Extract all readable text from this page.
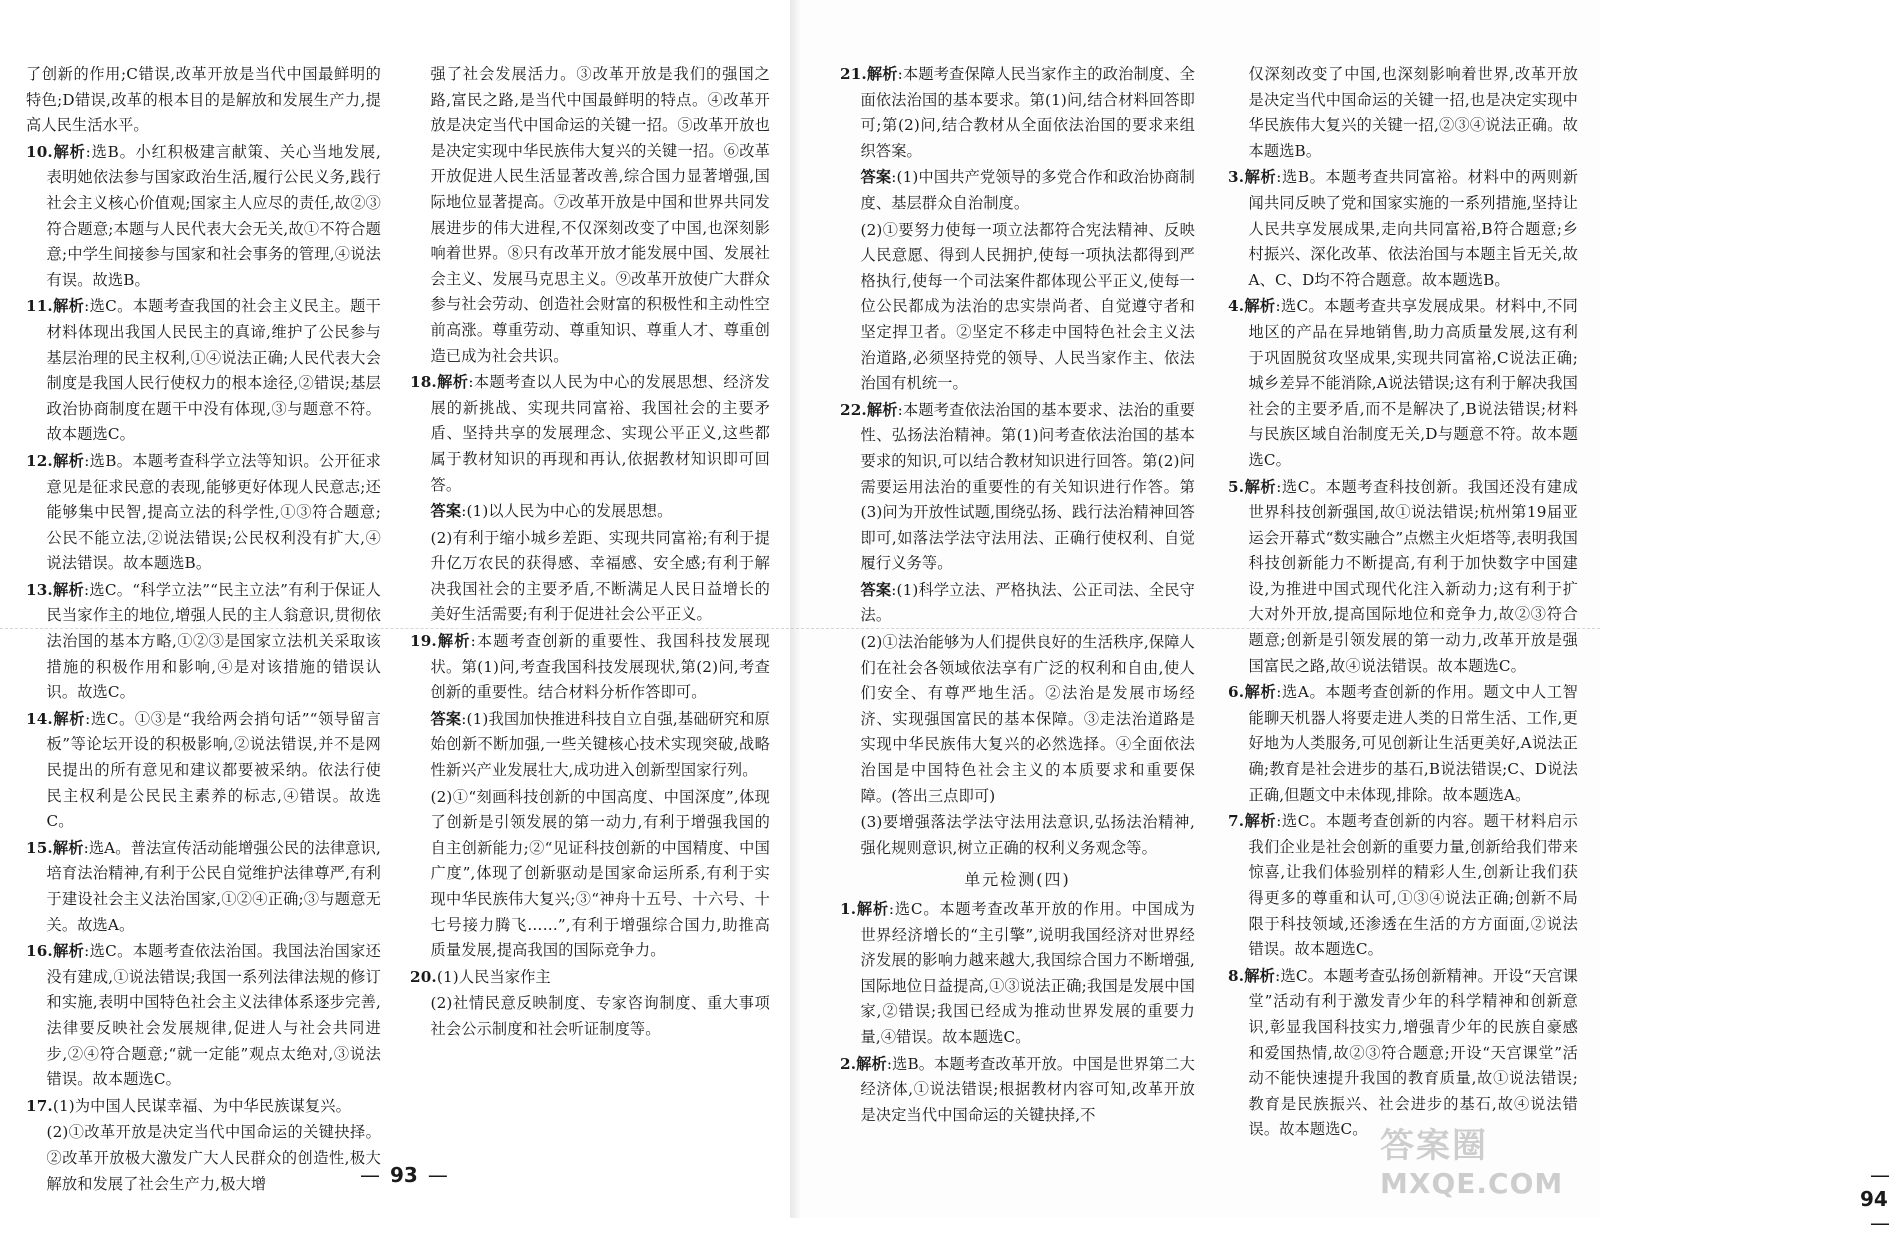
了创新的作用;C错误,改革开放是当代中国最鲜明的特色;D错误,改革的根本目的是解放和发展生产力,提高人民生活水平。

10.解析:选B。小红积极建言献策、关心当地发展,表明她依法参与国家政治生活,履行公民义务,践行社会主义核心价值观;国家主人应尽的责任,故②③符合题意;本题与人民代表大会无关,故①不符合题意;中学生间接参与国家和社会事务的管理,④说法有误。故选B。

11.解析:选C。本题考查我国的社会主义民主。题干材料体现出我国人民民主的真谛,维护了公民参与基层治理的民主权利,①④说法正确;人民代表大会制度是我国人民行使权力的根本途径,②错误;基层政治协商制度在题干中没有体现,③与题意不符。故本题选C。

12.解析:选B。本题考查科学立法等知识。公开征求意见是征求民意的表现,能够更好体现人民意志;还能够集中民智,提高立法的科学性,①③符合题意;公民不能立法,②说法错误;公民权利没有扩大,④说法错误。故本题选B。

13.解析:选C。“科学立法”“民主立法”有利于保证人民当家作主的地位,增强人民的主人翁意识,贯彻依法治国的基本方略,①②③是国家立法机关采取该措施的积极作用和影响,④是对该措施的错误认识。故选C。

14.解析:选C。①③是“我给两会捎句话”“领导留言板”等论坛开设的积极影响,②说法错误,并不是网民提出的所有意见和建议都要被采纳。依法行使民主权利是公民民主素养的标志,④错误。故选C。

15.解析:选A。普法宣传活动能增强公民的法律意识,培育法治精神,有利于公民自觉维护法律尊严,有利于建设社会主义法治国家,①②④正确;③与题意无关。故选A。

16.解析:选C。本题考查依法治国。我国法治国家还没有建成,①说法错误;我国一系列法律法规的修订和实施,表明中国特色社会主义法律体系逐步完善,法律要反映社会发展规律,促进人与社会共同进步,②④符合题意;“就一定能”观点太绝对,③说法错误。故本题选C。

17.(1)为中国人民谋幸福、为中华民族谋复兴。

(2)①改革开放是决定当代中国命运的关键抉择。②改革开放极大激发广大人民群众的创造性,极大解放和发展了社会生产力,极大增

强了社会发展活力。③改革开放是我们的强国之路,富民之路,是当代中国最鲜明的特点。④改革开放是决定当代中国命运的关键一招。⑤改革开放也是决定实现中华民族伟大复兴的关键一招。⑥改革开放促进人民生活显著改善,综合国力显著增强,国际地位显著提高。⑦改革开放是中国和世界共同发展进步的伟大进程,不仅深刻改变了中国,也深刻影响着世界。⑧只有改革开放才能发展中国、发展社会主义、发展马克思主义。⑨改革开放使广大群众参与社会劳动、创造社会财富的积极性和主动性空前高涨。尊重劳动、尊重知识、尊重人才、尊重创造已成为社会共识。

18.解析:本题考查以人民为中心的发展思想、经济发展的新挑战、实现共同富裕、我国社会的主要矛盾、坚持共享的发展理念、实现公平正义,这些都属于教材知识的再现和再认,依据教材知识即可回答。

答案:(1)以人民为中心的发展思想。

(2)有利于缩小城乡差距、实现共同富裕;有利于提升亿万农民的获得感、幸福感、安全感;有利于解决我国社会的主要矛盾,不断满足人民日益增长的美好生活需要;有利于促进社会公平正义。

19.解析:本题考查创新的重要性、我国科技发展现状。第(1)问,考查我国科技发展现状,第(2)问,考查创新的重要性。结合材料分析作答即可。

答案:(1)我国加快推进科技自立自强,基础研究和原始创新不断加强,一些关键核心技术实现突破,战略性新兴产业发展壮大,成功进入创新型国家行列。

(2)①“刻画科技创新的中国高度、中国深度”,体现了创新是引领发展的第一动力,有利于增强我国的自主创新能力;②“见证科技创新的中国精度、中国广度”,体现了创新驱动是国家命运所系,有利于实现中华民族伟大复兴;③“神舟十五号、十六号、十七号接力腾飞……”,有利于增强综合国力,助推高质量发展,提高我国的国际竞争力。

20.(1)人民当家作主

(2)社情民意反映制度、专家咨询制度、重大事项社会公示制度和社会听证制度等。

— 93 —

21.解析:本题考查保障人民当家作主的政治制度、全面依法治国的基本要求。第(1)问,结合材料回答即可;第(2)问,结合教材从全面依法治国的要求来组织答案。

答案:(1)中国共产党领导的多党合作和政治协商制度、基层群众自治制度。

(2)①要努力使每一项立法都符合宪法精神、反映人民意愿、得到人民拥护,使每一项执法都得到严格执行,使每一个司法案件都体现公平正义,使每一位公民都成为法治的忠实崇尚者、自觉遵守者和坚定捍卫者。②坚定不移走中国特色社会主义法治道路,必须坚持党的领导、人民当家作主、依法治国有机统一。

22.解析:本题考查依法治国的基本要求、法治的重要性、弘扬法治精神。第(1)问考查依法治国的基本要求的知识,可以结合教材知识进行回答。第(2)问需要运用法治的重要性的有关知识进行作答。第(3)问为开放性试题,围绕弘扬、践行法治精神回答即可,如落法学法守法用法、正确行使权利、自觉履行义务等。

答案:(1)科学立法、严格执法、公正司法、全民守法。

(2)①法治能够为人们提供良好的生活秩序,保障人们在社会各领域依法享有广泛的权利和自由,使人们安全、有尊严地生活。②法治是发展市场经济、实现强国富民的基本保障。③走法治道路是实现中华民族伟大复兴的必然选择。④全面依法治国是中国特色社会主义的本质要求和重要保障。(答出三点即可)

(3)要增强落法学法守法用法意识,弘扬法治精神,强化规则意识,树立正确的权利义务观念等。

单元检测(四)

1.解析:选C。本题考查改革开放的作用。中国成为世界经济增长的“主引擎”,说明我国经济对世界经济发展的影响力越来越大,我国综合国力不断增强,国际地位日益提高,①③说法正确;我国是发展中国家,②错误;我国已经成为推动世界发展的重要力量,④错误。故本题选C。

2.解析:选B。本题考查改革开放。中国是世界第二大经济体,①说法错误;根据教材内容可知,改革开放是决定当代中国命运的关键抉择,不

仅深刻改变了中国,也深刻影响着世界,改革开放是决定当代中国命运的关键一招,也是决定实现中华民族伟大复兴的关键一招,②③④说法正确。故本题选B。

3.解析:选B。本题考查共同富裕。材料中的两则新闻共同反映了党和国家实施的一系列措施,坚持让人民共享发展成果,走向共同富裕,B符合题意;乡村振兴、深化改革、依法治国与本题主旨无关,故A、C、D均不符合题意。故本题选B。

4.解析:选C。本题考查共享发展成果。材料中,不同地区的产品在异地销售,助力高质量发展,这有利于巩固脱贫攻坚成果,实现共同富裕,C说法正确;城乡差异不能消除,A说法错误;这有利于解决我国社会的主要矛盾,而不是解决了,B说法错误;材料与民族区域自治制度无关,D与题意不符。故本题选C。

5.解析:选C。本题考查科技创新。我国还没有建成世界科技创新强国,故①说法错误;杭州第19届亚运会开幕式“数实融合”点燃主火炬塔等,表明我国科技创新能力不断提高,有利于加快数字中国建设,为推进中国式现代化注入新动力;这有利于扩大对外开放,提高国际地位和竞争力,故②③符合题意;创新是引领发展的第一动力,改革开放是强国富民之路,故④说法错误。故本题选C。

6.解析:选A。本题考查创新的作用。题文中人工智能聊天机器人将要走进人类的日常生活、工作,更好地为人类服务,可见创新让生活更美好,A说法正确;教育是社会进步的基石,B说法错误;C、D说法正确,但题文中未体现,排除。故本题选A。

7.解析:选C。本题考查创新的内容。题干材料启示我们企业是社会创新的重要力量,创新给我们带来惊喜,让我们体验别样的精彩人生,创新让我们获得更多的尊重和认可,①③④说法正确;创新不局限于科技领域,还渗透在生活的方方面面,②说法错误。故本题选C。

8.解析:选C。本题考查弘扬创新精神。开设“天宫课堂”活动有利于激发青少年的科学精神和创新意识,彰显我国科技实力,增强青少年的民族自豪感和爱国热情,故②③符合题意;开设“天宫课堂”活动不能快速提升我国的教育质量,故①说法错误;教育是民族振兴、社会进步的基石,故④说法错误。故本题选C。

—94—
答案圈
MXQE.COM
